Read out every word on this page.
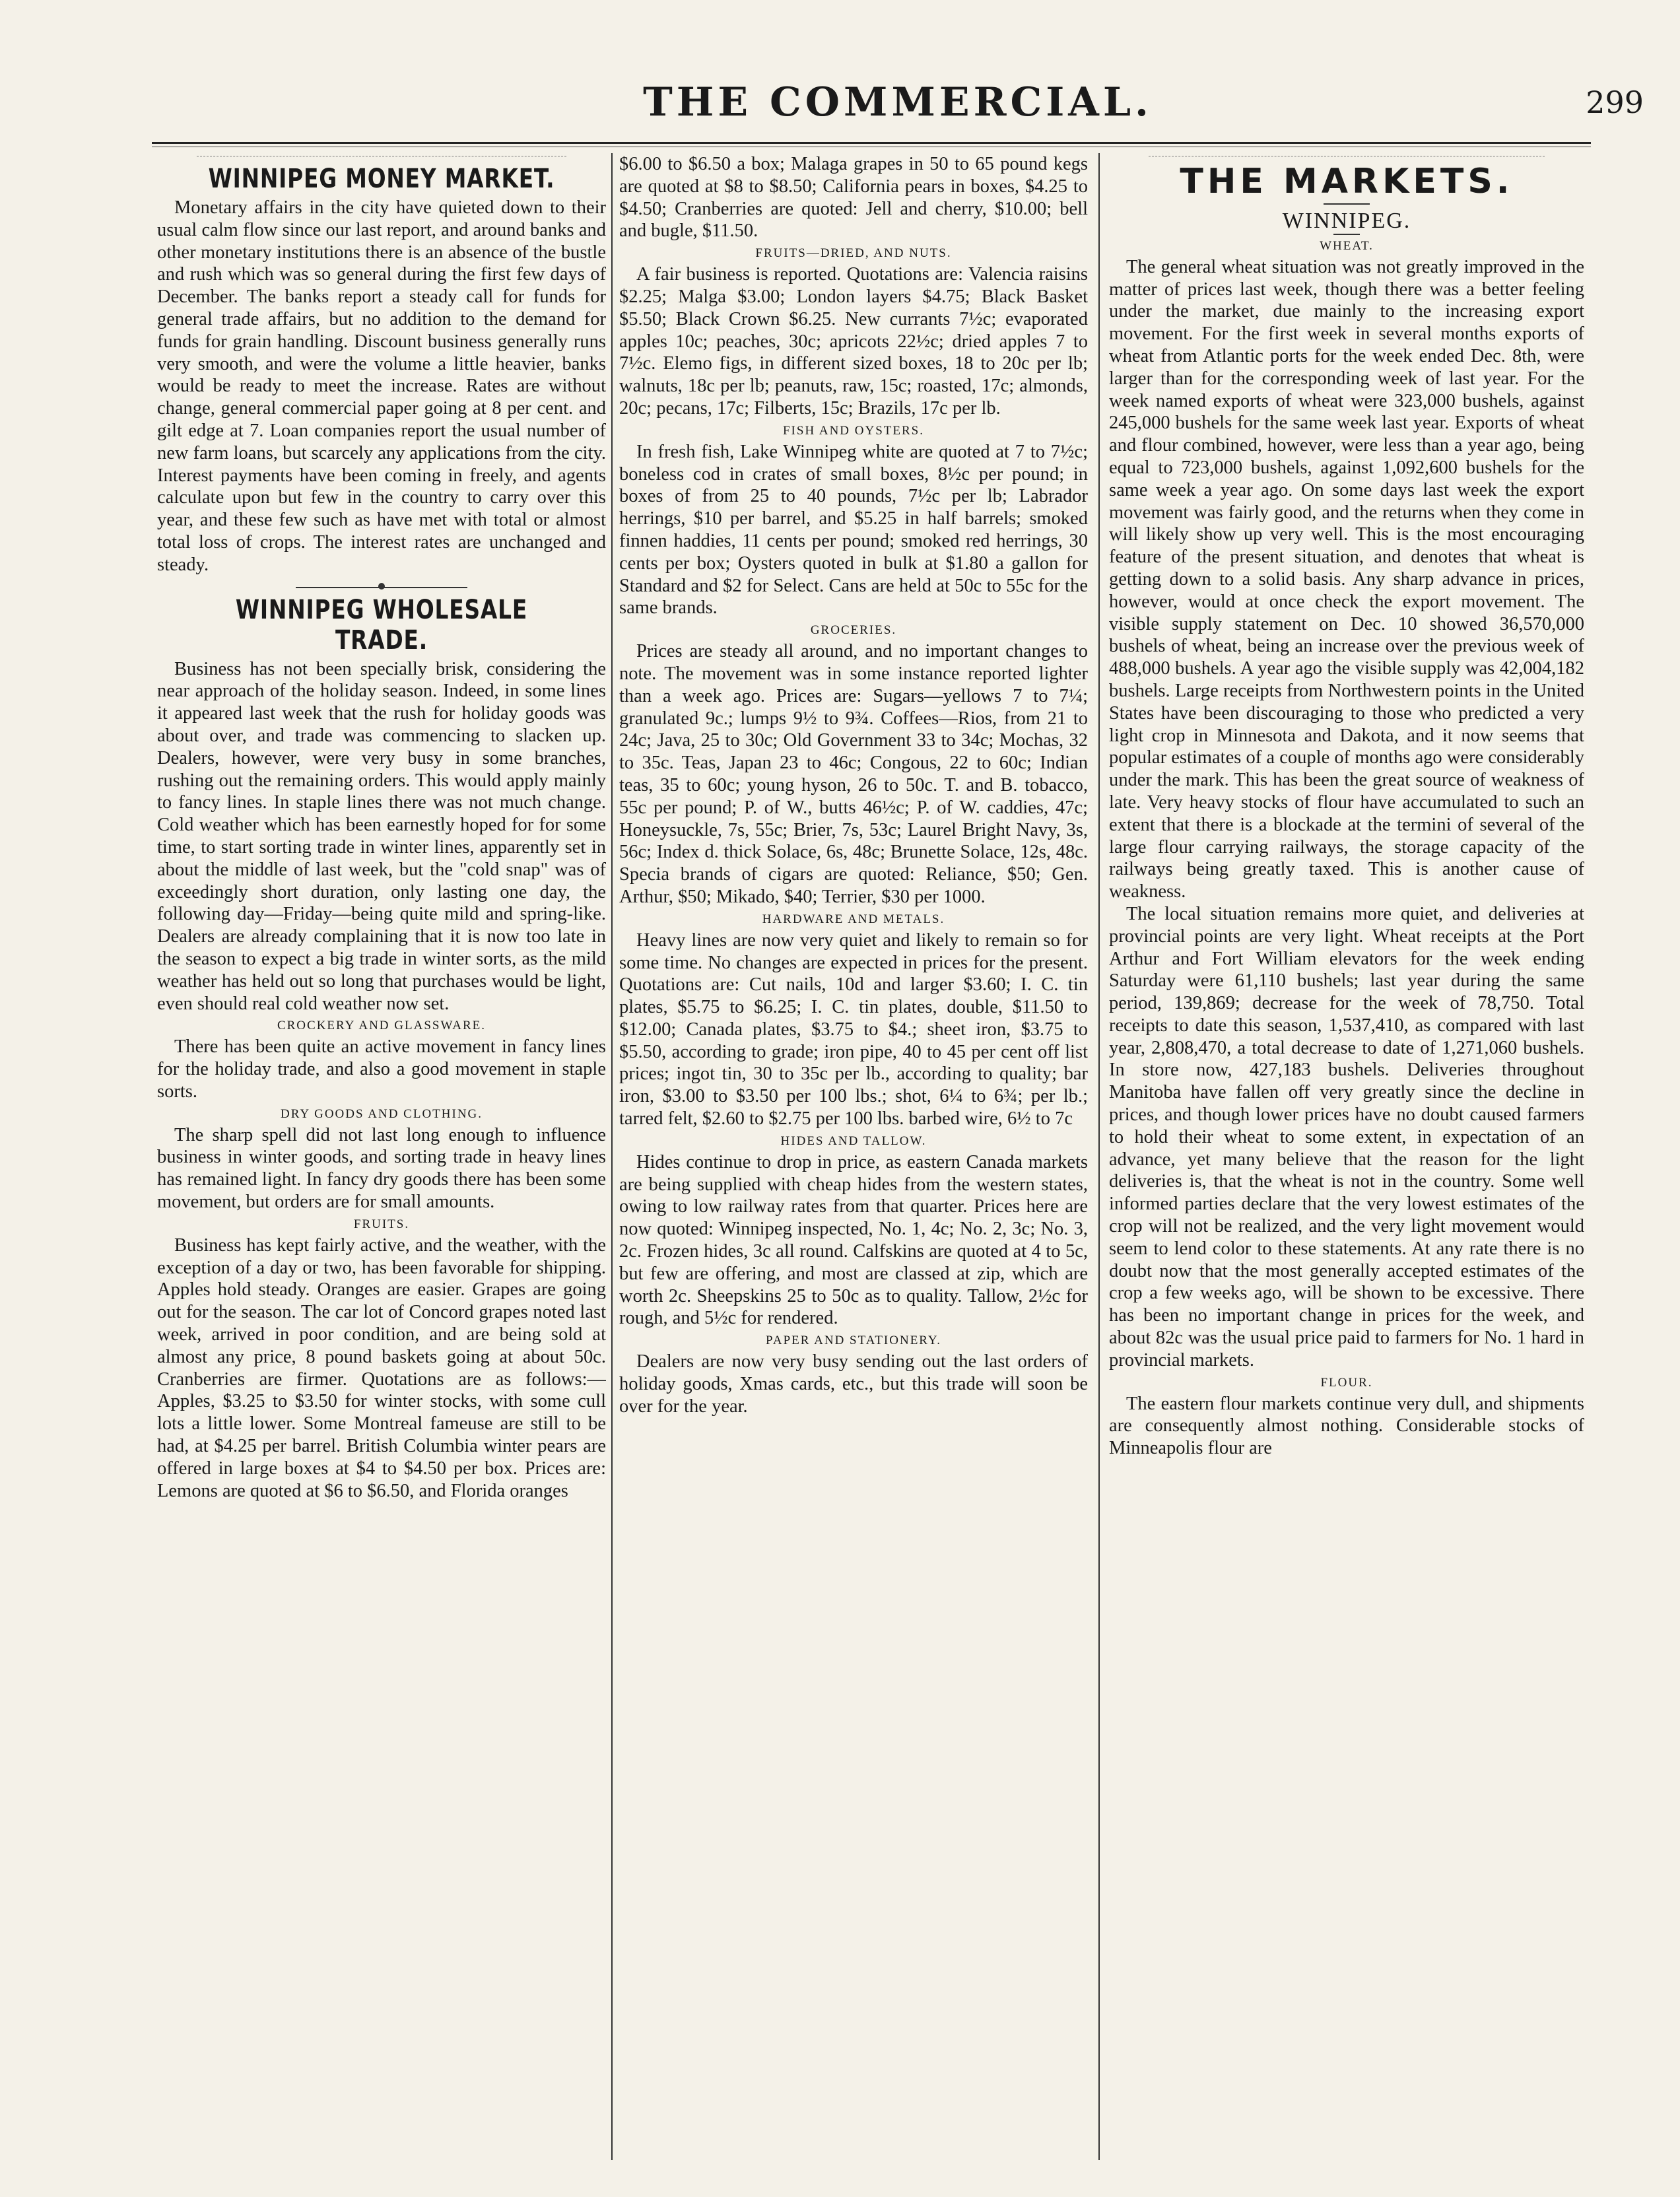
THE COMMERCIAL.	299
WINNIPEG MONEY MARKET.

Monetary affairs in the city have quieted down to their usual calm flow since our last report, and around banks and other monetary institutions there is an absence of the bustle and rush which was so general during the first few days of December. The banks report a steady call for funds for general trade affairs, but no addition to the demand for funds for grain handling. Discount business generally runs very smooth, and were the volume a little heavier, banks would be ready to meet the increase. Rates are without change, general commercial paper going at 8 per cent. and gilt edge at 7. Loan companies report the usual number of new farm loans, but scarcely any applications from the city. Interest payments have been coming in freely, and agents calculate upon but few in the country to carry over this year, and these few such as have met with total or almost total loss of crops. The interest rates are unchanged and steady.

WINNIPEG WHOLESALE TRADE.

Business has not been specially brisk, considering the near approach of the holiday season. Indeed, in some lines it appeared last week that the rush for holiday goods was about over, and trade was commencing to slacken up. Dealers, however, were very busy in some branches, rushing out the remaining orders. This would apply mainly to fancy lines. In staple lines there was not much change. Cold weather which has been earnestly hoped for for some time, to start sorting trade in winter lines, apparently set in about the middle of last week, but the "cold snap" was of exceedingly short duration, only lasting one day, the following day—Friday—being quite mild and spring-like. Dealers are already complaining that it is now too late in the season to expect a big trade in winter sorts, as the mild weather has held out so long that purchases would be light, even should real cold weather now set.

CROCKERY AND GLASSWARE.

There has been quite an active movement in fancy lines for the holiday trade, and also a good movement in staple sorts.

DRY GOODS AND CLOTHING.

The sharp spell did not last long enough to influence business in winter goods, and sorting trade in heavy lines has remained light. In fancy dry goods there has been some movement, but orders are for small amounts.

FRUITS.

Business has kept fairly active, and the weather, with the exception of a day or two, has been favorable for shipping. Apples hold steady. Oranges are easier. Grapes are going out for the season. The car lot of Concord grapes noted last week, arrived in poor condition, and are being sold at almost any price, 8 pound baskets going at about 50c. Cranberries are firmer. Quotations are as follows:—Apples, $3.25 to $3.50 for winter stocks, with some cull lots a little lower. Some Montreal fameuse are still to be had, at $4.25 per barrel. British Columbia winter pears are offered in large boxes at $4 to $4.50 per box. Prices are: Lemons are quoted at $6 to $6.50, and Florida oranges

$6.00 to $6.50 a box; Malaga grapes in 50 to 65 pound kegs are quoted at $8 to $8.50; California pears in boxes, $4.25 to $4.50; Cranberries are quoted: Jell and cherry, $10.00; bell and bugle, $11.50.

FRUITS—DRIED, AND NUTS.

A fair business is reported. Quotations are: Valencia raisins $2.25; Malga $3.00; London layers $4.75; Black Basket $5.50; Black Crown $6.25. New currants 7½c; evaporated apples 10c; peaches, 30c; apricots 22½c; dried apples 7 to 7½c. Elemo figs, in different sized boxes, 18 to 20c per lb; walnuts, 18c per lb; peanuts, raw, 15c; roasted, 17c; almonds, 20c; pecans, 17c; Filberts, 15c; Brazils, 17c per lb.

FISH AND OYSTERS.

In fresh fish, Lake Winnipeg white are quoted at 7 to 7½c; boneless cod in crates of small boxes, 8½c per pound; in boxes of from 25 to 40 pounds, 7½c per lb; Labrador herrings, $10 per barrel, and $5.25 in half barrels; smoked finnen haddies, 11 cents per pound; smoked red herrings, 30 cents per box; Oysters quoted in bulk at $1.80 a gallon for Standard and $2 for Select. Cans are held at 50c to 55c for the same brands.

GROCERIES.

Prices are steady all around, and no important changes to note. The movement was in some instance reported lighter than a week ago. Prices are: Sugars—yellows 7 to 7¼; granulated 9c.; lumps 9½ to 9¾. Coffees—Rios, from 21 to 24c; Java, 25 to 30c; Old Government 33 to 34c; Mochas, 32 to 35c. Teas, Japan 23 to 46c; Congous, 22 to 60c; Indian teas, 35 to 60c; young hyson, 26 to 50c. T. and B. tobacco, 55c per pound; P. of W., butts 46½c; P. of W. caddies, 47c; Honeysuckle, 7s, 55c; Brier, 7s, 53c; Laurel Bright Navy, 3s, 56c; Index d. thick Solace, 6s, 48c; Brunette Solace, 12s, 48c. Specia brands of cigars are quoted: Reliance, $50; Gen. Arthur, $50; Mikado, $40; Terrier, $30 per 1000.

HARDWARE AND METALS.

Heavy lines are now very quiet and likely to remain so for some time. No changes are expected in prices for the present. Quotations are: Cut nails, 10d and larger $3.60; I. C. tin plates, $5.75 to $6.25; I. C. tin plates, double, $11.50 to $12.00; Canada plates, $3.75 to $4.; sheet iron, $3.75 to $5.50, according to grade; iron pipe, 40 to 45 per cent off list prices; ingot tin, 30 to 35c per lb., according to quality; bar iron, $3.00 to $3.50 per 100 lbs.; shot, 6¼ to 6¾; per lb.; tarred felt, $2.60 to $2.75 per 100 lbs. barbed wire, 6½ to 7c

HIDES AND TALLOW.

Hides continue to drop in price, as eastern Canada markets are being supplied with cheap hides from the western states, owing to low railway rates from that quarter. Prices here are now quoted: Winnipeg inspected, No. 1, 4c; No. 2, 3c; No. 3, 2c. Frozen hides, 3c all round. Calfskins are quoted at 4 to 5c, but few are offering, and most are classed at zip, which are worth 2c. Sheepskins 25 to 50c as to quality. Tallow, 2½c for rough, and 5½c for rendered.

PAPER AND STATIONERY.

Dealers are now very busy sending out the last orders of holiday goods, Xmas cards, etc., but this trade will soon be over for the year.

THE MARKETS.
WINNIPEG.
WHEAT.

The general wheat situation was not greatly improved in the matter of prices last week, though there was a better feeling under the market, due mainly to the increasing export movement. For the first week in several months exports of wheat from Atlantic ports for the week ended Dec. 8th, were larger than for the corresponding week of last year. For the week named exports of wheat were 323,000 bushels, against 245,000 bushels for the same week last year. Exports of wheat and flour combined, however, were less than a year ago, being equal to 723,000 bushels, against 1,092,600 bushels for the same week a year ago. On some days last week the export movement was fairly good, and the returns when they come in will likely show up very well. This is the most encouraging feature of the present situation, and denotes that wheat is getting down to a solid basis. Any sharp advance in prices, however, would at once check the export movement. The visible supply statement on Dec. 10 showed 36,570,000 bushels of wheat, being an increase over the previous week of 488,000 bushels. A year ago the visible supply was 42,004,182 bushels. Large receipts from Northwestern points in the United States have been discouraging to those who predicted a very light crop in Minnesota and Dakota, and it now seems that popular estimates of a couple of months ago were considerably under the mark. This has been the great source of weakness of late. Very heavy stocks of flour have accumulated to such an extent that there is a blockade at the termini of several of the large flour carrying railways, the storage capacity of the railways being greatly taxed. This is another cause of weakness.

The local situation remains more quiet, and deliveries at provincial points are very light. Wheat receipts at the Port Arthur and Fort William elevators for the week ending Saturday were 61,110 bushels; last year during the same period, 139,869; decrease for the week of 78,750. Total receipts to date this season, 1,537,410, as compared with last year, 2,808,470, a total decrease to date of 1,271,060 bushels. In store now, 427,183 bushels. Deliveries throughout Manitoba have fallen off very greatly since the decline in prices, and though lower prices have no doubt caused farmers to hold their wheat to some extent, in expectation of an advance, yet many believe that the reason for the light deliveries is, that the wheat is not in the country. Some well informed parties declare that the very lowest estimates of the crop will not be realized, and the very light movement would seem to lend color to these statements. At any rate there is no doubt now that the most generally accepted estimates of the crop a few weeks ago, will be shown to be excessive. There has been no important change in prices for the week, and about 82c was the usual price paid to farmers for No. 1 hard in provincial markets.

FLOUR.

The eastern flour markets continue very dull, and shipments are consequently almost nothing. Considerable stocks of Minneapolis flour are
